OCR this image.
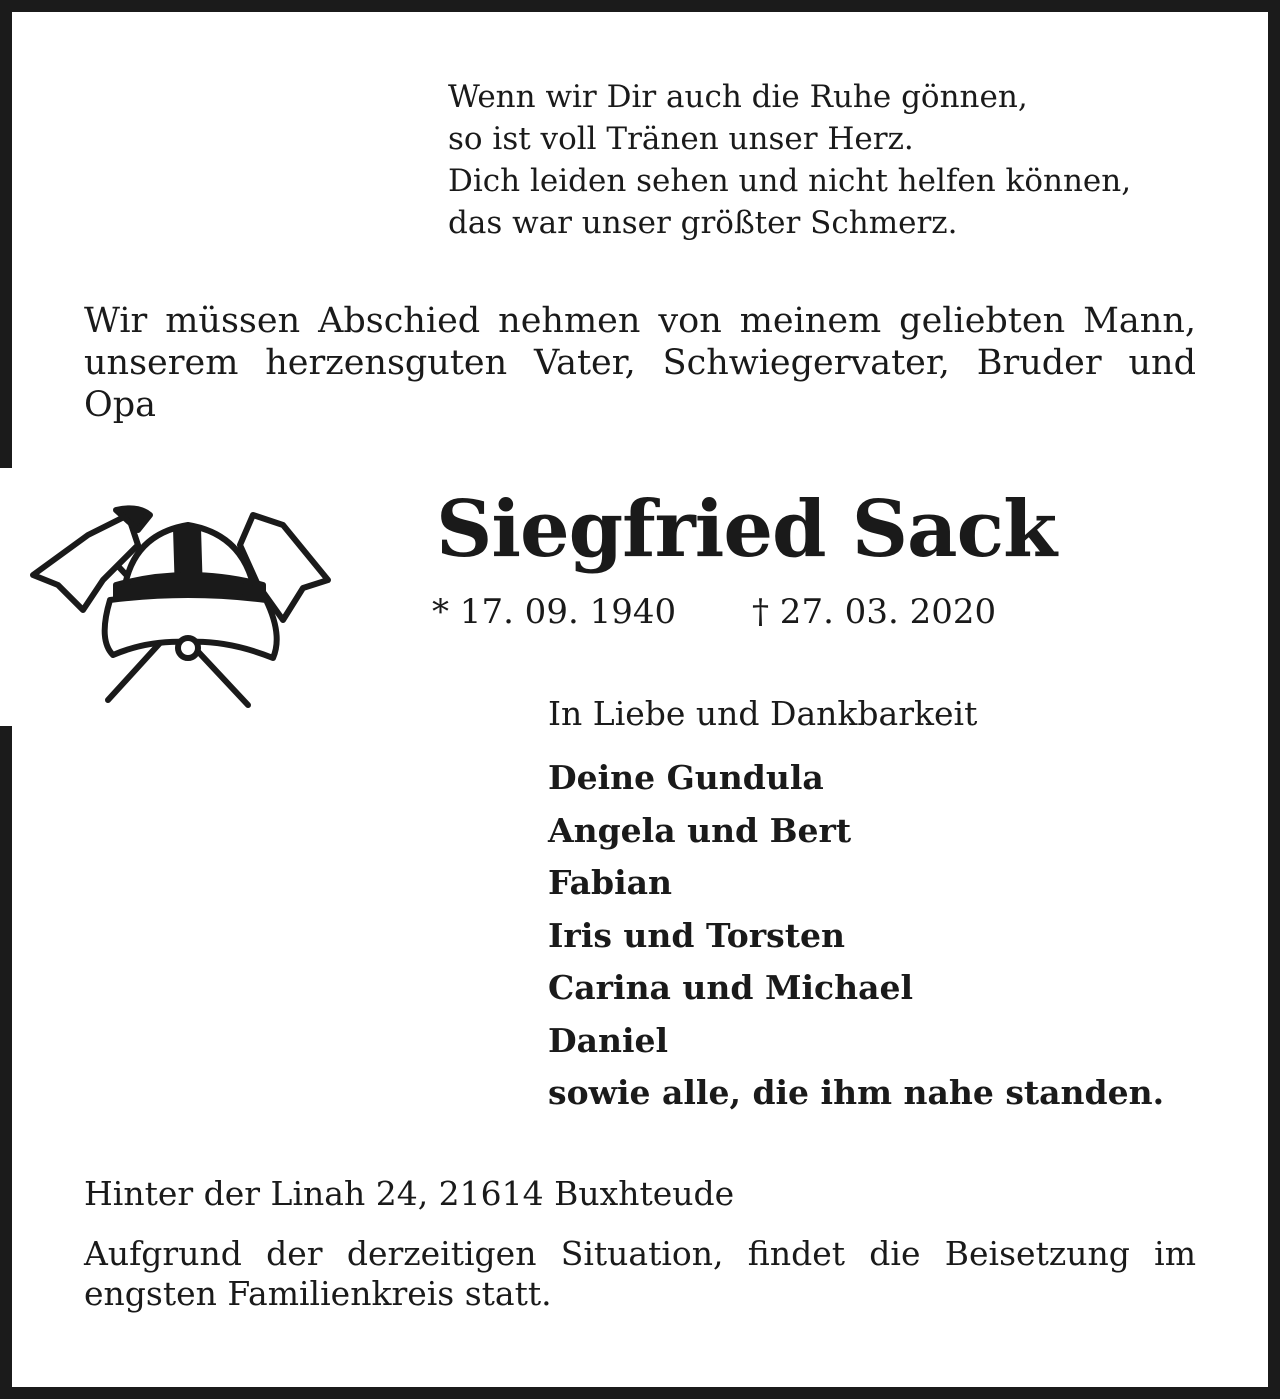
Wenn wir Dir auch die Ruhe gönnen,
so ist voll Tränen unser Herz.
Dich leiden sehen und nicht helfen können,
das war unser größter Schmerz.
Wir müssen Abschied nehmen von meinem geliebten Mann, unserem herzensguten Vater, Schwiegervater, Bruder und Opa
Siegfried Sack
* 17. 09. 1940 † 27. 03. 2020
In Liebe und Dankbarkeit
Deine Gundula
Angela und Bert
Fabian
Iris und Torsten
Carina und Michael
Daniel
sowie alle, die ihm nahe standen.
Hinter der Linah 24, 21614 Buxhteude
Aufgrund der derzeitigen Situation, findet die Beisetzung im engsten Familienkreis statt.
